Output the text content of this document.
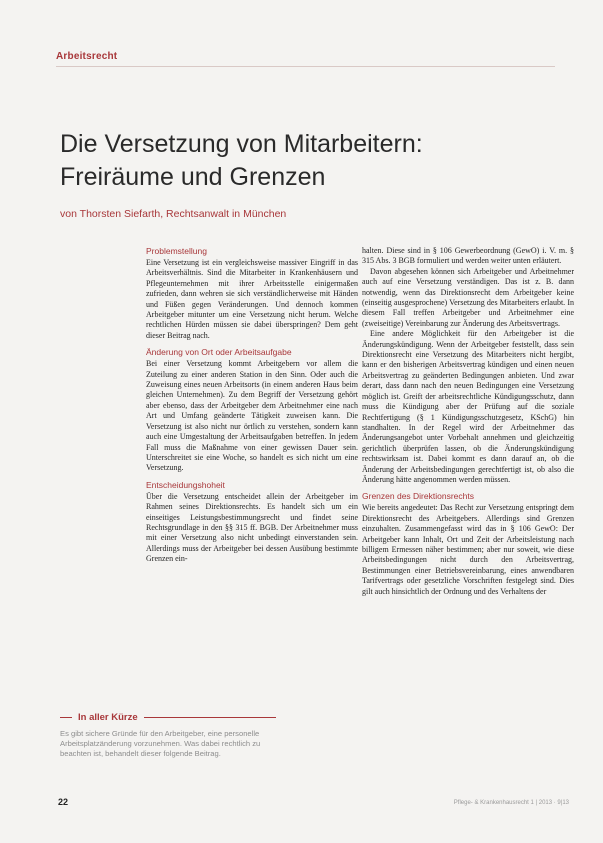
Arbeitsrecht
Die Versetzung von Mitarbeitern:
Freiräume und Grenzen
von Thorsten Siefarth, Rechtsanwalt in München
Problemstellung

Eine Versetzung ist ein vergleichsweise massiver Eingriff in das Arbeitsverhältnis. Sind die Mitarbeiter in Krankenhäusern und Pflegeunternehmen mit ihrer Arbeitsstelle einigermaßen zufrieden, dann wehren sie sich verständlicherweise mit Händen und Füßen gegen Veränderungen. Und dennoch kommen Arbeitgeber mitunter um eine Versetzung nicht herum. Welche rechtlichen Hürden müssen sie dabei überspringen? Dem geht dieser Beitrag nach.

Änderung von Ort oder Arbeitsaufgabe

Bei einer Versetzung kommt Arbeitgebern vor allem die Zuteilung zu einer anderen Station in den Sinn. Oder auch die Zuweisung eines neuen Arbeitsorts (in einem anderen Haus beim gleichen Unternehmen). Zu dem Begriff der Versetzung gehört aber ebenso, dass der Arbeitgeber dem Arbeitnehmer eine nach Art und Umfang geänderte Tätigkeit zuweisen kann. Die Versetzung ist also nicht nur örtlich zu verstehen, sondern kann auch eine Umgestaltung der Arbeitsaufgaben betreffen. In jedem Fall muss die Maßnahme von einer gewissen Dauer sein. Unterschreitet sie eine Woche, so handelt es sich nicht um eine Versetzung.

Entscheidungshoheit

Über die Versetzung entscheidet allein der Arbeitgeber im Rahmen seines Direktionsrechts. Es handelt sich um ein einseitiges Leistungsbestimmungsrecht und findet seine Rechtsgrundlage in den §§ 315 ff. BGB. Der Arbeitnehmer muss mit einer Versetzung also nicht unbedingt einverstanden sein. Allerdings muss der Arbeitgeber bei dessen Ausübung bestimmte Grenzen ein-

halten. Diese sind in § 106 Gewerbeordnung (GewO) i. V. m. § 315 Abs. 3 BGB formuliert und werden weiter unten erläutert.

Davon abgesehen können sich Arbeitgeber und Arbeitnehmer auch auf eine Versetzung verständigen. Das ist z. B. dann notwendig, wenn das Direktionsrecht dem Arbeitgeber keine (einseitig ausgesprochene) Versetzung des Mitarbeiters erlaubt. In diesem Fall treffen Arbeitgeber und Arbeitnehmer eine (zweiseitige) Vereinbarung zur Änderung des Arbeitsvertrags.

Eine andere Möglichkeit für den Arbeitgeber ist die Änderungskündigung. Wenn der Arbeitgeber feststellt, dass sein Direktionsrecht eine Versetzung des Mitarbeiters nicht hergibt, kann er den bisherigen Arbeitsvertrag kündigen und einen neuen Arbeitsvertrag zu geänderten Bedingungen anbieten. Und zwar derart, dass dann nach den neuen Bedingungen eine Versetzung möglich ist. Greift der arbeitsrechtliche Kündigungsschutz, dann muss die Kündigung aber der Prüfung auf die soziale Rechtfertigung (§ 1 Kündigungsschutzgesetz, KSchG) hin standhalten. In der Regel wird der Arbeitnehmer das Änderungsangebot unter Vorbehalt annehmen und gleichzeitig gerichtlich überprüfen lassen, ob die Änderungskündigung rechtswirksam ist. Dabei kommt es dann darauf an, ob die Änderung der Arbeitsbedingungen gerechtfertigt ist, ob also die Änderung hätte angenommen werden müssen.

Grenzen des Direktionsrechts

Wie bereits angedeutet: Das Recht zur Versetzung entspringt dem Direktionsrecht des Arbeitgebers. Allerdings sind Grenzen einzuhalten. Zusammengefasst wird das in § 106 GewO: Der Arbeitgeber kann Inhalt, Ort und Zeit der Arbeitsleistung nach billigem Ermessen näher bestimmen; aber nur soweit, wie diese Arbeitsbedingungen nicht durch den Arbeitsvertrag, Bestimmungen einer Betriebsvereinbarung, eines anwendbaren Tarifvertrags oder gesetzliche Vorschriften festgelegt sind. Dies gilt auch hinsichtlich der Ordnung und des Verhaltens der

In aller Kürze
Es gibt sichere Gründe für den Arbeitgeber, eine personelle Arbeitsplatzänderung vorzunehmen. Was dabei rechtlich zu beachten ist, behandelt dieser folgende Beitrag.
22	Pflege- & Krankenhausrecht 1 | 2013 · 9|13
